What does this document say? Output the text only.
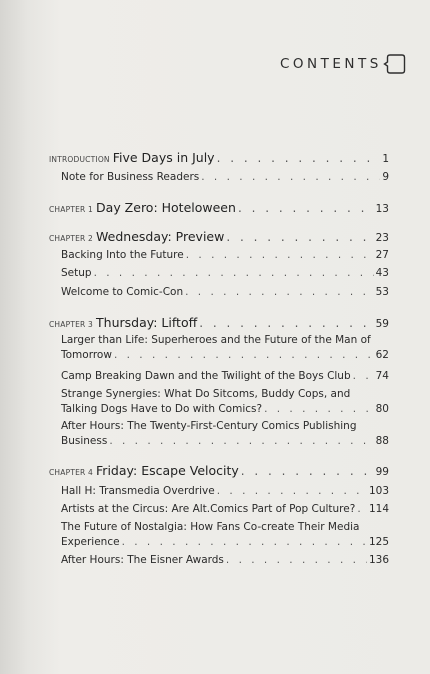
CONTENTS
INTRODUCTION Five Days in July . . .	1
Note for Business Readers . . .	9
CHAPTER 1 Day Zero: Hoteloween . . .	13
CHAPTER 2 Wednesday: Preview . . .	23
Backing Into the Future . . .	27
Setup . . .	43
Welcome to Comic-Con . . .	53
CHAPTER 3 Thursday: Liftoff . . .	59
Larger than Life: Superheroes and the Future of the Man of
Tomorrow . . .	62
Camp Breaking Dawn and the Twilight of the Boys Club . . . 74
Strange Synergies: What Do Sitcoms, Buddy Cops, and
Talking Dogs Have to Do with Comics? . . .	80
After Hours: The Twenty-First-Century Comics Publishing
Business . . .	88
CHAPTER 4 Friday: Escape Velocity . . .	99
Hall H: Transmedia Overdrive . . .	103
Artists at the Circus: Are Alt.Comics Part of Pop Culture? . . . 114
The Future of Nostalgia: How Fans Co-create Their Media
Experience . . .	125
After Hours: The Eisner Awards . . .	136
